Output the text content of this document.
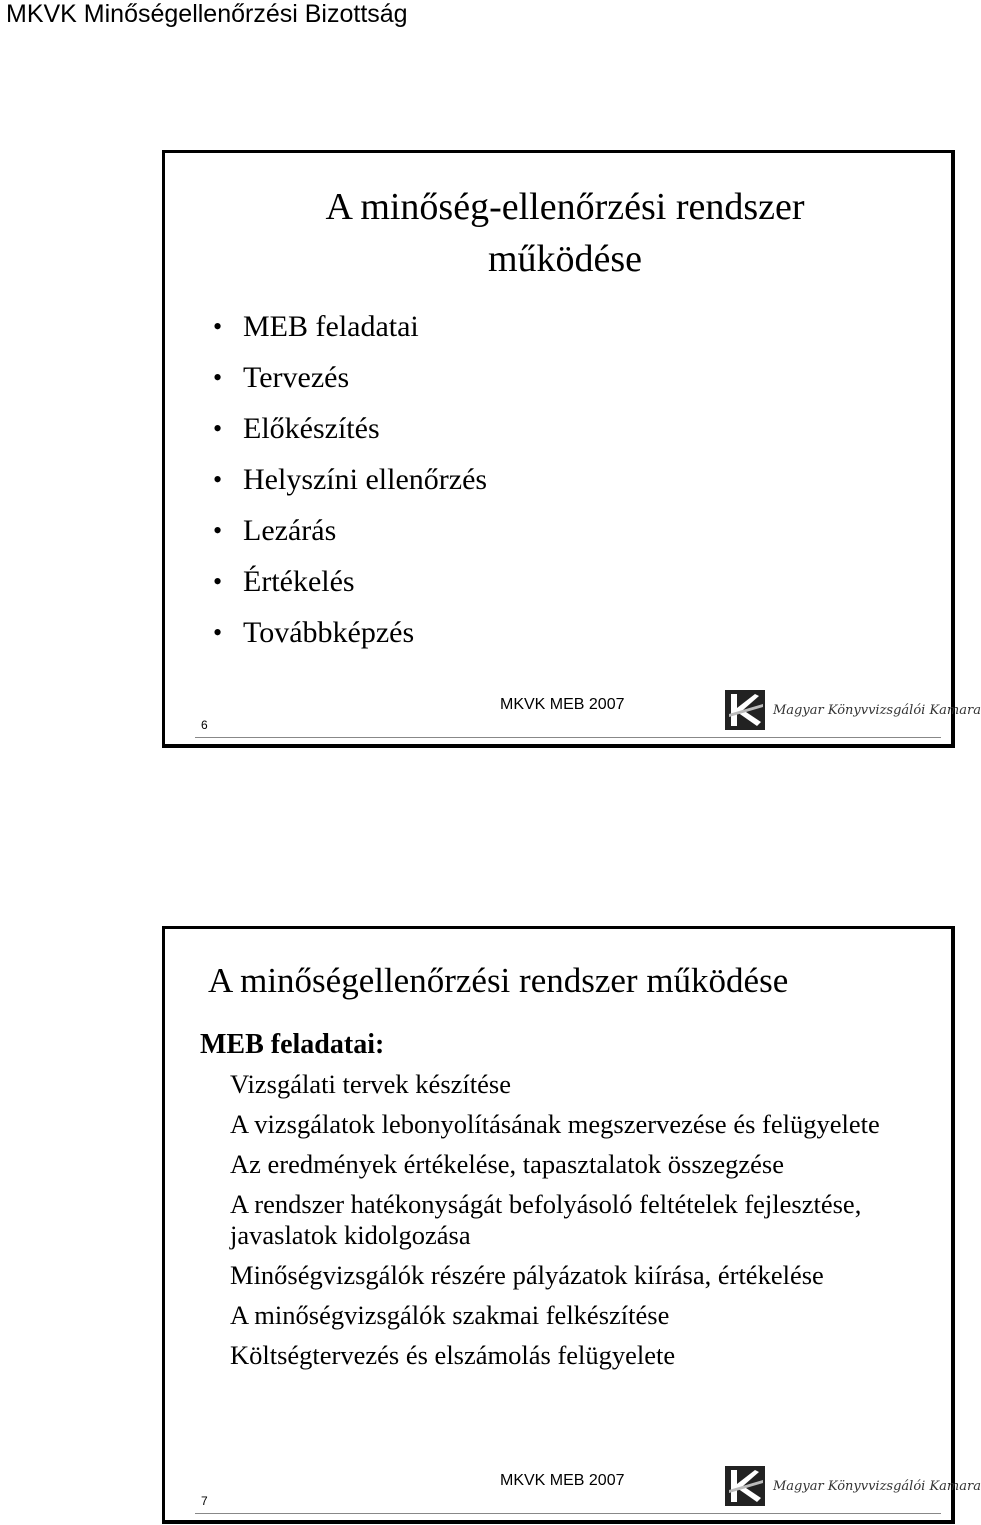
MKVK Minőségellenőrzési Bizottság
A minőség-ellenőrzési rendszer
működése
• MEB feladatai
• Tervezés
• Előkészítés
• Helyszíni ellenőrzés
• Lezárás
• Értékelés
• Továbbképzés
MKVK MEB 2007
6
Magyar Könyvvizsgálói Kamara
A minőségellenőrzési rendszer működése
MEB feladatai:
Vizsgálati tervek készítése
A vizsgálatok lebonyolításának megszervezése és felügyelete
Az eredmények értékelése, tapasztalatok összegzése
A rendszer hatékonyságát befolyásoló feltételek fejlesztése, javaslatok kidolgozása
Minőségvizsgálók részére pályázatok kiírása, értékelése
A minőségvizsgálók szakmai felkészítése
Költségtervezés és elszámolás felügyelete
MKVK MEB 2007
7
Magyar Könyvvizsgálói Kamara
